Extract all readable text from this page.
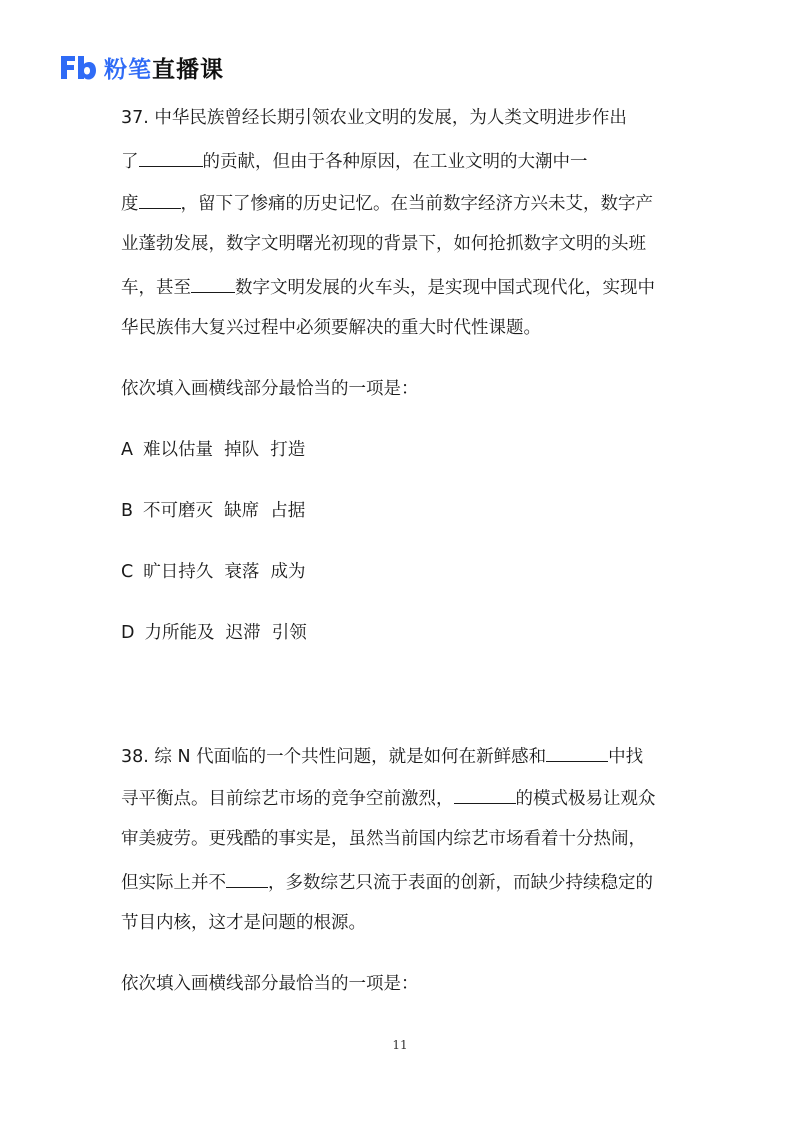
粉笔直播课
37. 中华民族曾经长期引领农业文明的发展，为人类文明进步作出
了	的贡献，但由于各种原因，在工业文明的大潮中一
度 ，留下了惨痛的历史记忆。在当前数字经济方兴未艾，数字产
业蓬勃发展，数字文明曙光初现的背景下，如何抢抓数字文明的头班
车，甚至	数字文明发展的火车头，是实现中国式现代化，实现中
华民族伟大复兴过程中必须要解决的重大时代性课题。
依次填入画横线部分最恰当的一项是：
A 难以估量  掉队  打造
B 不可磨灭  缺席  占据
C 旷日持久  衰落  成为
D 力所能及  迟滞  引领
38. 综 N 代面临的一个共性问题，就是如何在新鲜感和	中找
寻平衡点。目前综艺市场的竞争空前激烈，	的模式极易让观众
审美疲劳。更残酷的事实是，虽然当前国内综艺市场看着十分热闹，
但实际上并不 ，多数综艺只流于表面的创新，而缺少持续稳定的
节目内核，这才是问题的根源。
依次填入画横线部分最恰当的一项是：
11
